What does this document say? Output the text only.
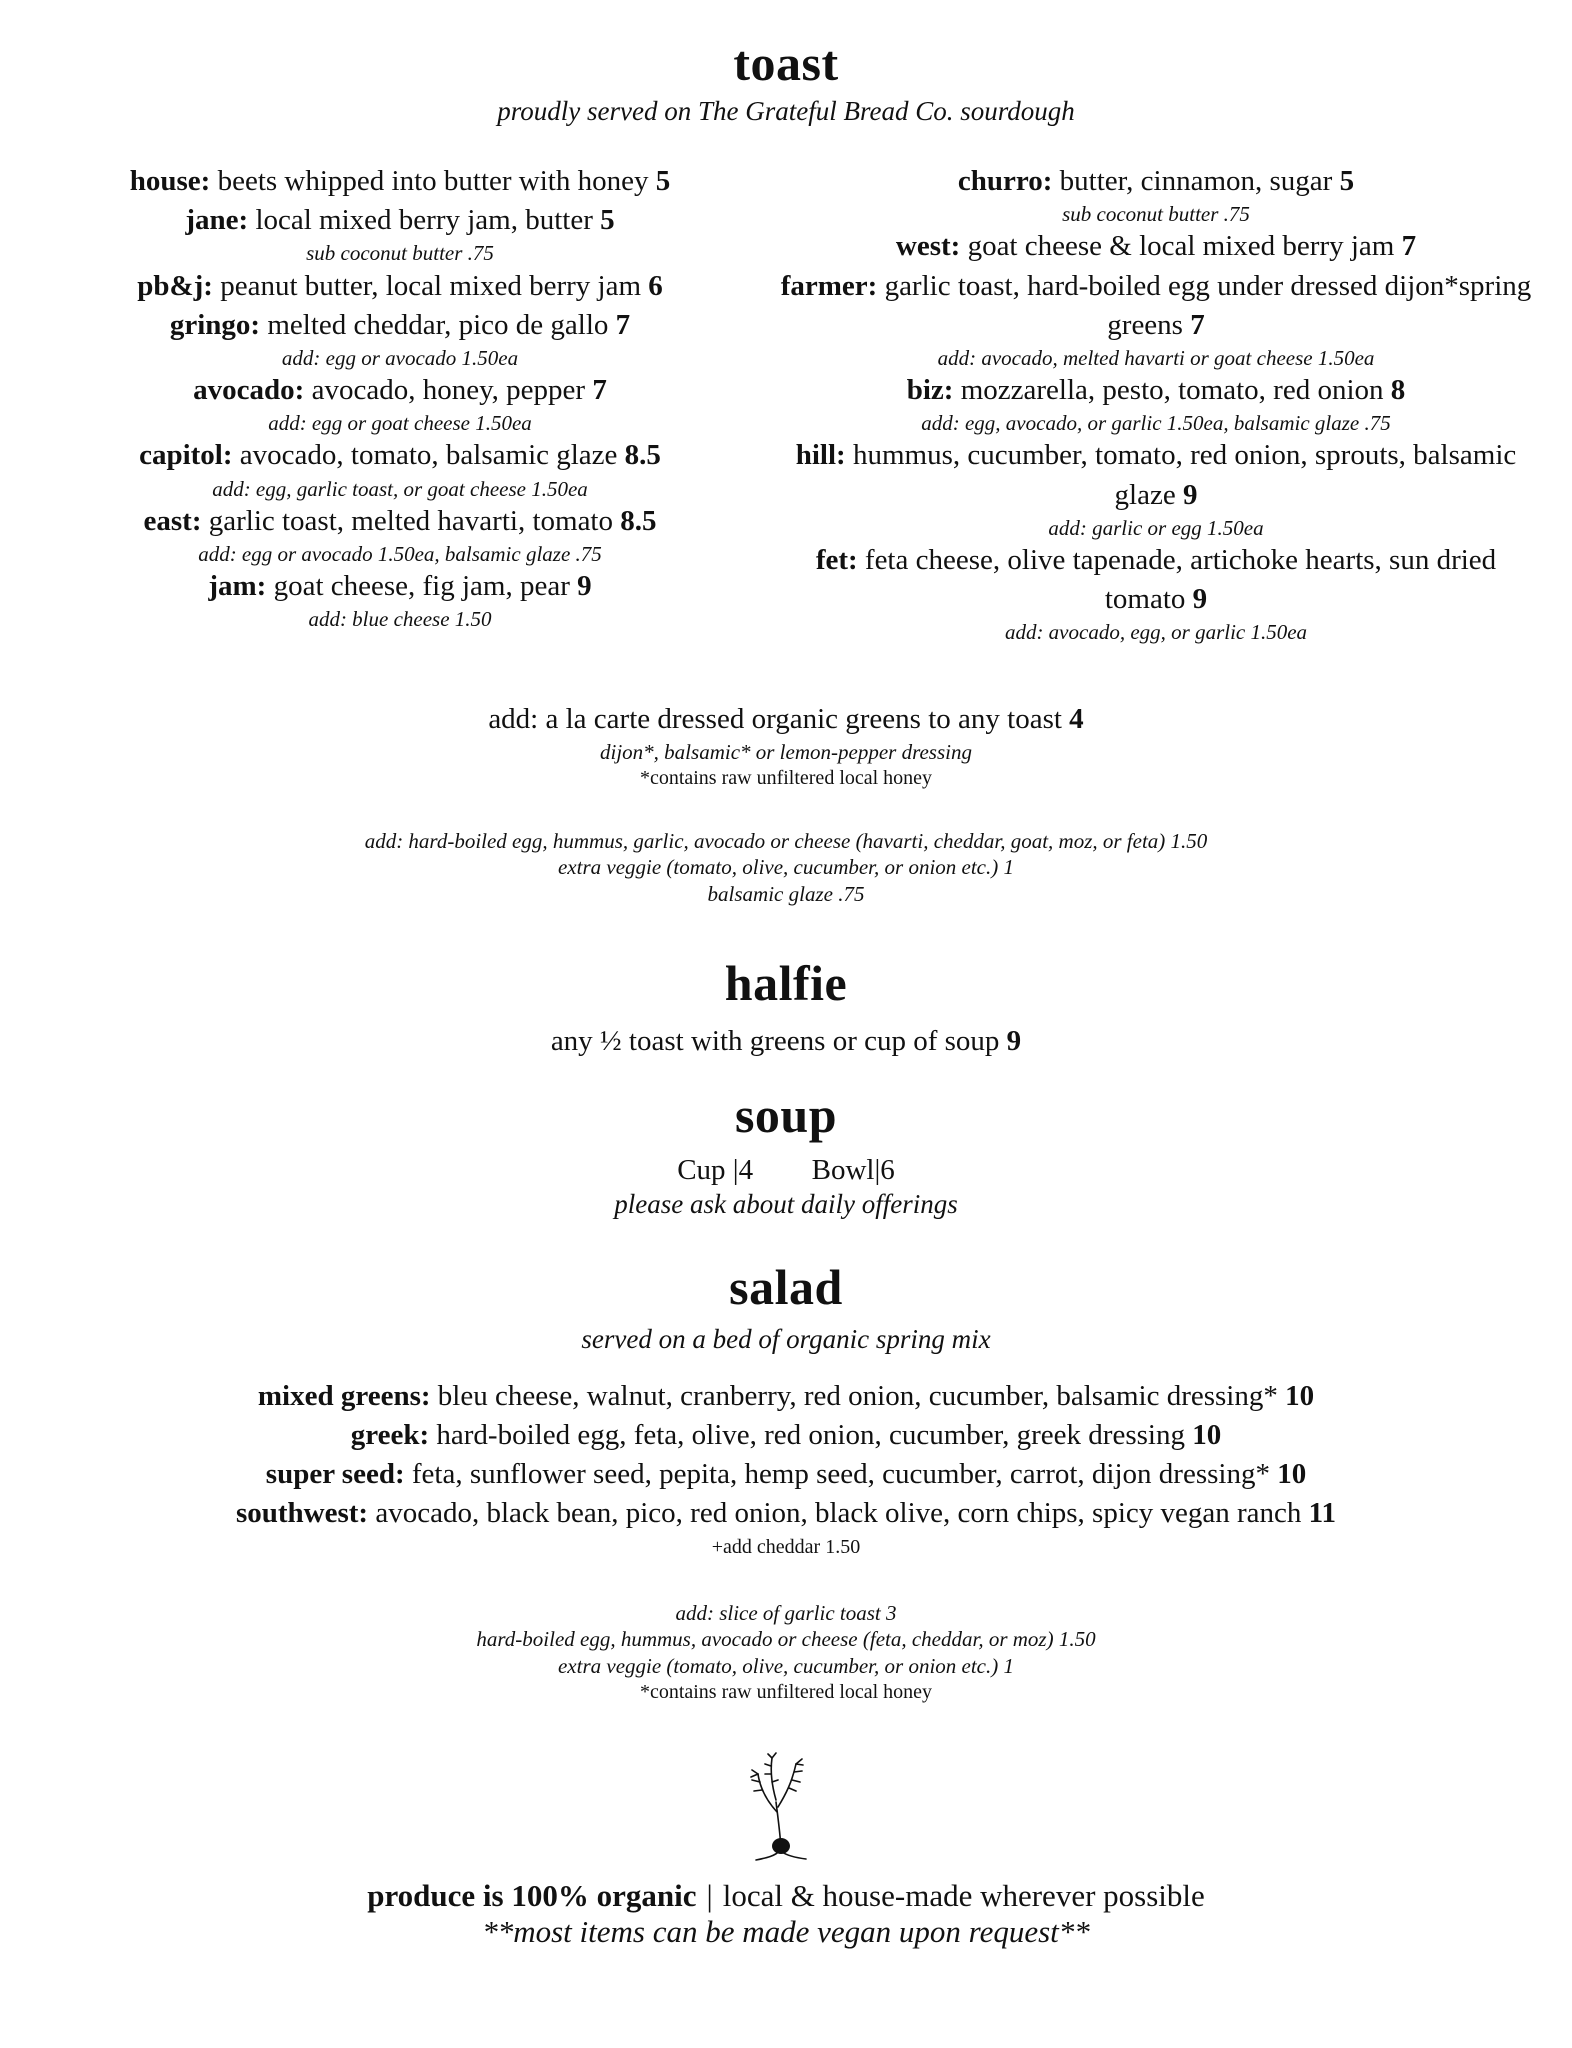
toast
proudly served on The Grateful Bread Co. sourdough
house: beets whipped into butter with honey 5
jane: local mixed berry jam, butter 5
sub coconut butter .75
pb&j: peanut butter, local mixed berry jam 6
gringo: melted cheddar, pico de gallo 7
add: egg or avocado 1.50ea
avocado: avocado, honey, pepper 7
add: egg or goat cheese 1.50ea
capitol: avocado, tomato, balsamic glaze 8.5
add: egg, garlic toast, or goat cheese 1.50ea
east: garlic toast, melted havarti, tomato 8.5
add: egg or avocado 1.50ea, balsamic glaze .75
jam: goat cheese, fig jam, pear 9
add: blue cheese 1.50
churro: butter, cinnamon, sugar 5
sub coconut butter .75
west: goat cheese & local mixed berry jam 7
farmer: garlic toast, hard-boiled egg under dressed dijon*spring greens 7
add: avocado, melted havarti or goat cheese 1.50ea
biz: mozzarella, pesto, tomato, red onion 8
add: egg, avocado, or garlic 1.50ea, balsamic glaze .75
hill: hummus, cucumber, tomato, red onion, sprouts, balsamic glaze 9
add: garlic or egg 1.50ea
fet: feta cheese, olive tapenade, artichoke hearts, sun dried tomato 9
add: avocado, egg, or garlic 1.50ea
add: a la carte dressed organic greens to any toast 4
dijon*, balsamic* or lemon-pepper dressing
*contains raw unfiltered local honey
add: hard-boiled egg, hummus, garlic, avocado or cheese (havarti, cheddar, goat, moz, or feta) 1.50
extra veggie (tomato, olive, cucumber, or onion etc.) 1
balsamic glaze .75
halfie
any ½ toast with greens or cup of soup 9
soup
Cup |4 Bowl|6
please ask about daily offerings
salad
served on a bed of organic spring mix
mixed greens: bleu cheese, walnut, cranberry, red onion, cucumber, balsamic dressing* 10
greek: hard-boiled egg, feta, olive, red onion, cucumber, greek dressing 10
super seed: feta, sunflower seed, pepita, hemp seed, cucumber, carrot, dijon dressing* 10
southwest: avocado, black bean, pico, red onion, black olive, corn chips, spicy vegan ranch 11
+add cheddar 1.50
add: slice of garlic toast 3
hard-boiled egg, hummus, avocado or cheese (feta, cheddar, or moz) 1.50
extra veggie (tomato, olive, cucumber, or onion etc.) 1
*contains raw unfiltered local honey
produce is 100% organic | local & house-made wherever possible
**most items can be made vegan upon request**
